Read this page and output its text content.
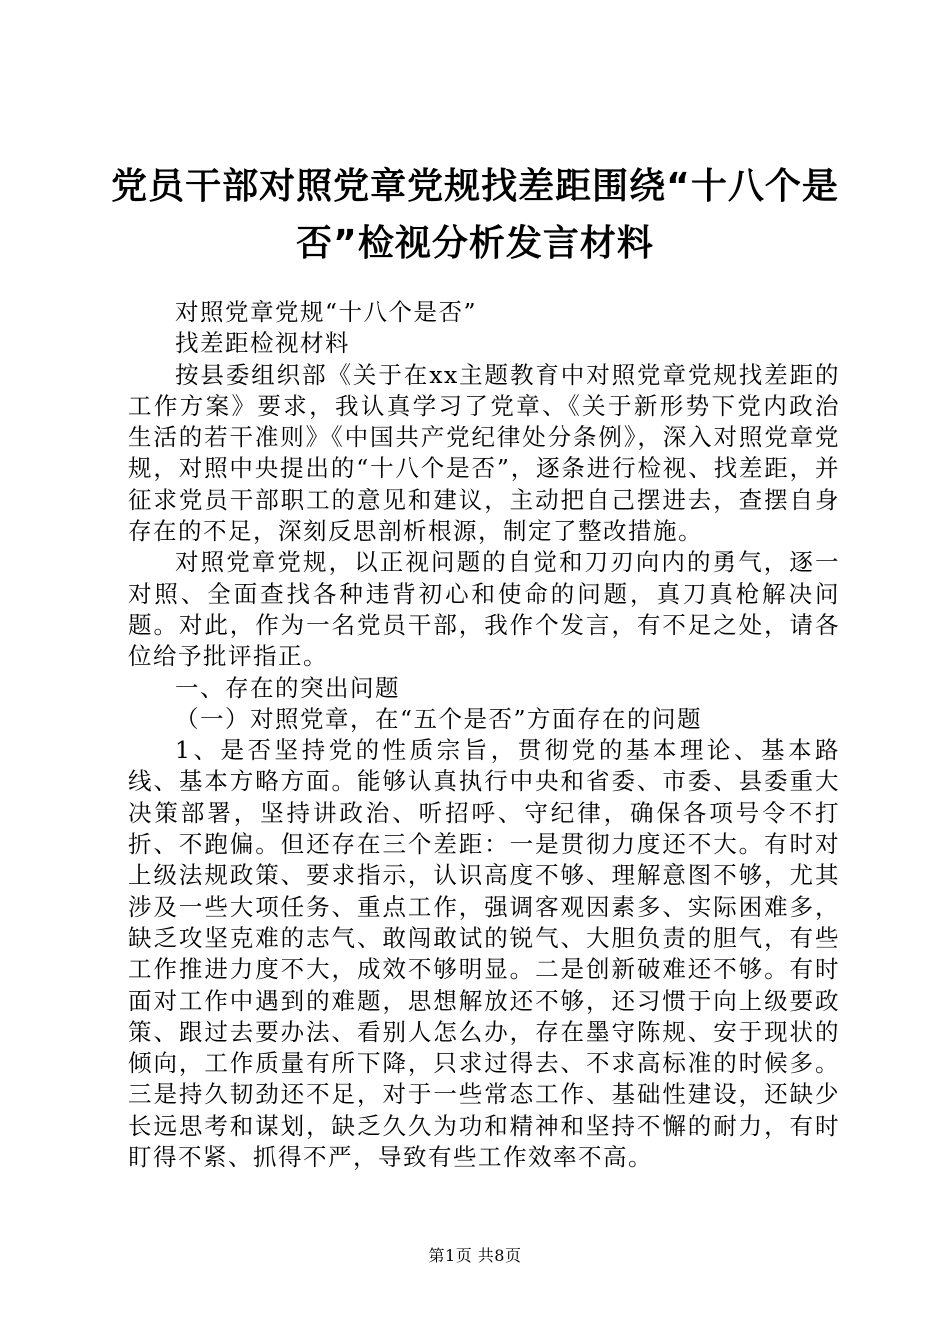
党员干部对照党章党规找差距围绕“十八个是否”检视分析发言材料

对照党章党规“十八个是否”

找差距检视材料

按县委组织部《关于在xx主题教育中对照党章党规找差距的工作方案》要求，我认真学习了党章、《关于新形势下党内政治生活的若干准则》《中国共产党纪律处分条例》，深入对照党章党规，对照中央提出的“十八个是否”，逐条进行检视、找差距，并征求党员干部职工的意见和建议，主动把自己摆进去，查摆自身存在的不足，深刻反思剖析根源，制定了整改措施。

对照党章党规，以正视问题的自觉和刀刃向内的勇气，逐一对照、全面查找各种违背初心和使命的问题，真刀真枪解决问题。对此，作为一名党员干部，我作个发言，有不足之处，请各位给予批评指正。

一、存在的突出问题

（一）对照党章，在“五个是否”方面存在的问题

1、是否坚持党的性质宗旨，贯彻党的基本理论、基本路线、基本方略方面。能够认真执行中央和省委、市委、县委重大决策部署，坚持讲政治、听招呼、守纪律，确保各项号令不打折、不跑偏。但还存在三个差距：一是贯彻力度还不大。有时对上级法规政策、要求指示，认识高度不够、理解意图不够，尤其涉及一些大项任务、重点工作，强调客观因素多、实际困难多，缺乏攻坚克难的志气、敢闯敢试的锐气、大胆负责的胆气，有些工作推进力度不大，成效不够明显。二是创新破难还不够。有时面对工作中遇到的难题，思想解放还不够，还习惯于向上级要政策、跟过去要办法、看别人怎么办，存在墨守陈规、安于现状的倾向，工作质量有所下降，只求过得去、不求高标准的时候多。三是持久韧劲还不足，对于一些常态工作、基础性建设，还缺少长远思考和谋划，缺乏久久为功和精神和坚持不懈的耐力，有时盯得不紧、抓得不严，导致有些工作效率不高。

第1页 共8页
